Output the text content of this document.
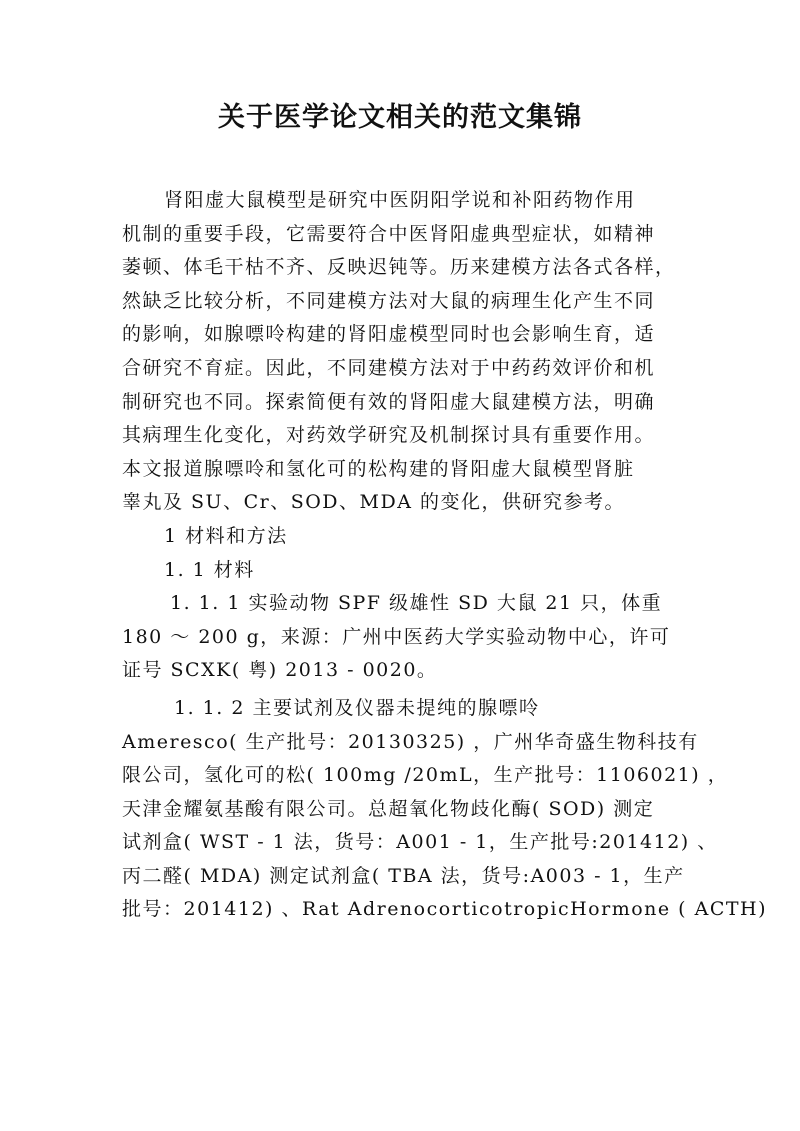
关于医学论文相关的范文集锦
肾阳虚大鼠模型是研究中医阴阳学说和补阳药物作用
机制的重要手段，它需要符合中医肾阳虚典型症状，如精神
萎顿、体毛干枯不齐、反映迟钝等。历来建模方法各式各样，
然缺乏比较分析，不同建模方法对大鼠的病理生化产生不同
的影响，如腺嘌呤构建的肾阳虚模型同时也会影响生育，适
合研究不育症。因此，不同建模方法对于中药药效评价和机
制研究也不同。探索简便有效的肾阳虚大鼠建模方法，明确
其病理生化变化，对药效学研究及机制探讨具有重要作用。
本文报道腺嘌呤和氢化可的松构建的肾阳虚大鼠模型肾脏
睾丸及 SU、Cr、SOD、MDA 的变化，供研究参考。
1 材料和方法
1. 1 材料
1. 1. 1 实验动物 SPF 级雄性 SD 大鼠 21 只，体重
180 ～ 200 g，来源：广州中医药大学实验动物中心，许可
证号 SCXK( 粤) 2013 - 0020。
1. 1. 2 主要试剂及仪器未提纯的腺嘌呤
Ameresco( 生产批号：20130325) ，广州华奇盛生物科技有
限公司，氢化可的松( 100mg /20mL，生产批号：1106021) ，
天津金耀氨基酸有限公司。总超氧化物歧化酶( SOD) 测定
试剂盒( WST - 1 法，货号：A001 - 1，生产批号:201412) 、
丙二醛( MDA) 测定试剂盒( TBA 法，货号:A003 - 1，生产
批号：201412) 、Rat AdrenocorticotropicHormone ( ACTH)
